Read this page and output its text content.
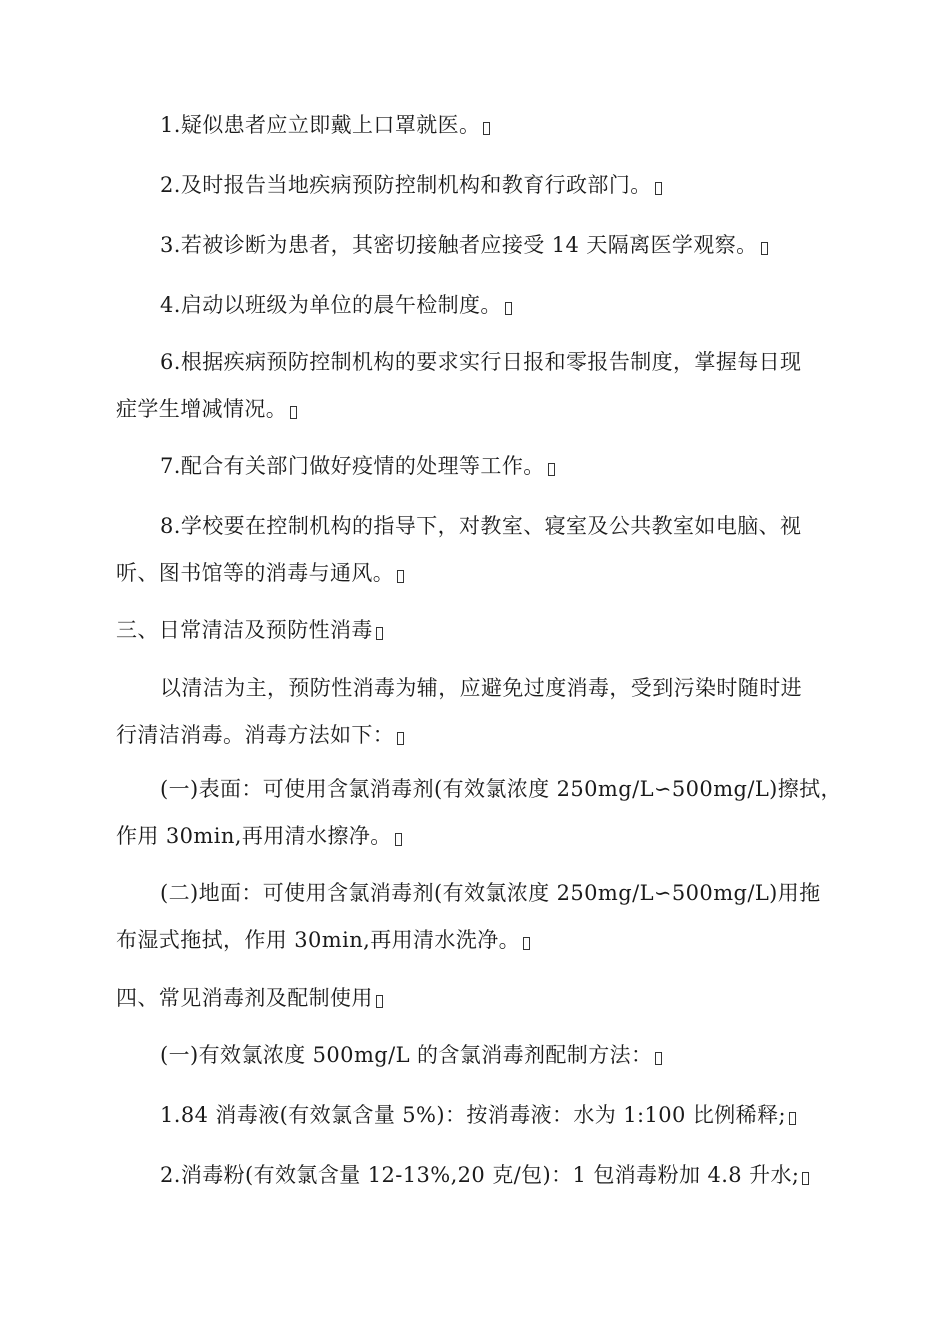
1.疑似患者应立即戴上口罩就医。

2.及时报告当地疾病预防控制机构和教育行政部门。

3.若被诊断为患者，其密切接触者应接受 14 天隔离医学观察。

4.启动以班级为单位的晨午检制度。

6.根据疾病预防控制机构的要求实行日报和零报告制度，掌握每日现

症学生增减情况。

7.配合有关部门做好疫情的处理等工作。

8.学校要在控制机构的指导下，对教室、寝室及公共教室如电脑、视

听、图书馆等的消毒与通风。

三、日常清洁及预防性消毒

以清洁为主，预防性消毒为辅，应避免过度消毒，受到污染时随时进

行清洁消毒。消毒方法如下：

(一)表面：可使用含氯消毒剂(有效氯浓度 250mg/L∽500mg/L)擦拭，

作用 30min,再用清水擦净。

(二)地面：可使用含氯消毒剂(有效氯浓度 250mg/L∽500mg/L)用拖

布湿式拖拭，作用 30min,再用清水洗净。

四、常见消毒剂及配制使用

(一)有效氯浓度 500mg/L 的含氯消毒剂配制方法：

1.84 消毒液(有效氯含量 5%)：按消毒液：水为 1:100 比例稀释;

2.消毒粉(有效氯含量 12-13%,20 克/包)：1 包消毒粉加 4.8 升水;
